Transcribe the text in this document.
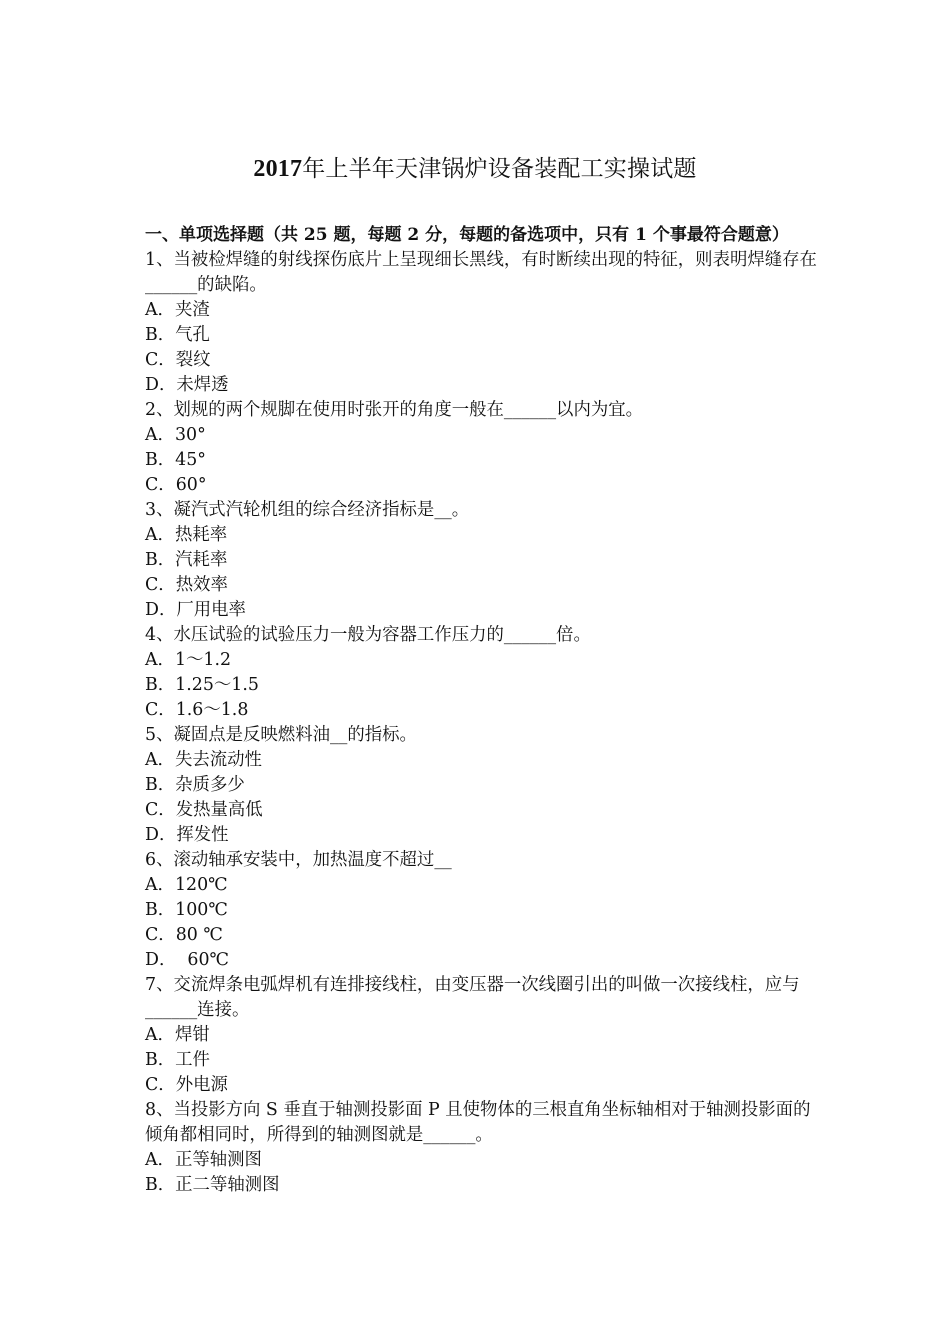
2017年上半年天津锅炉设备装配工实操试题
一、单项选择题（共 25 题，每题 2 分，每题的备选项中，只有 1 个事最符合题意）

1、当被检焊缝的射线探伤底片上呈现细长黑线，有时断续出现的特征，则表明焊缝存在______的缺陷。

A．夹渣

B．气孔

C．裂纹

D．未焊透

2、划规的两个规脚在使用时张开的角度一般在______以内为宜。

A．30°

B．45°

C．60°

3、凝汽式汽轮机组的综合经济指标是__。

A．热耗率

B．汽耗率

C．热效率

D．厂用电率

4、水压试验的试验压力一般为容器工作压力的______倍。

A．1～1.2

B．1.25～1.5

C．1.6～1.8

5、凝固点是反映燃料油__的指标。

A．失去流动性

B．杂质多少

C．发热量高低

D．挥发性

6、滚动轴承安装中，加热温度不超过__

A．120℃

B．100℃

C．80 ℃

D．  60℃

7、交流焊条电弧焊机有连排接线柱，由变压器一次线圈引出的叫做一次接线柱，应与______连接。

A．焊钳

B．工件

C．外电源

8、当投影方向 S 垂直于轴测投影面 P 且使物体的三根直角坐标轴相对于轴测投影面的倾角都相同时，所得到的轴测图就是______。

A．正等轴测图

B．正二等轴测图
